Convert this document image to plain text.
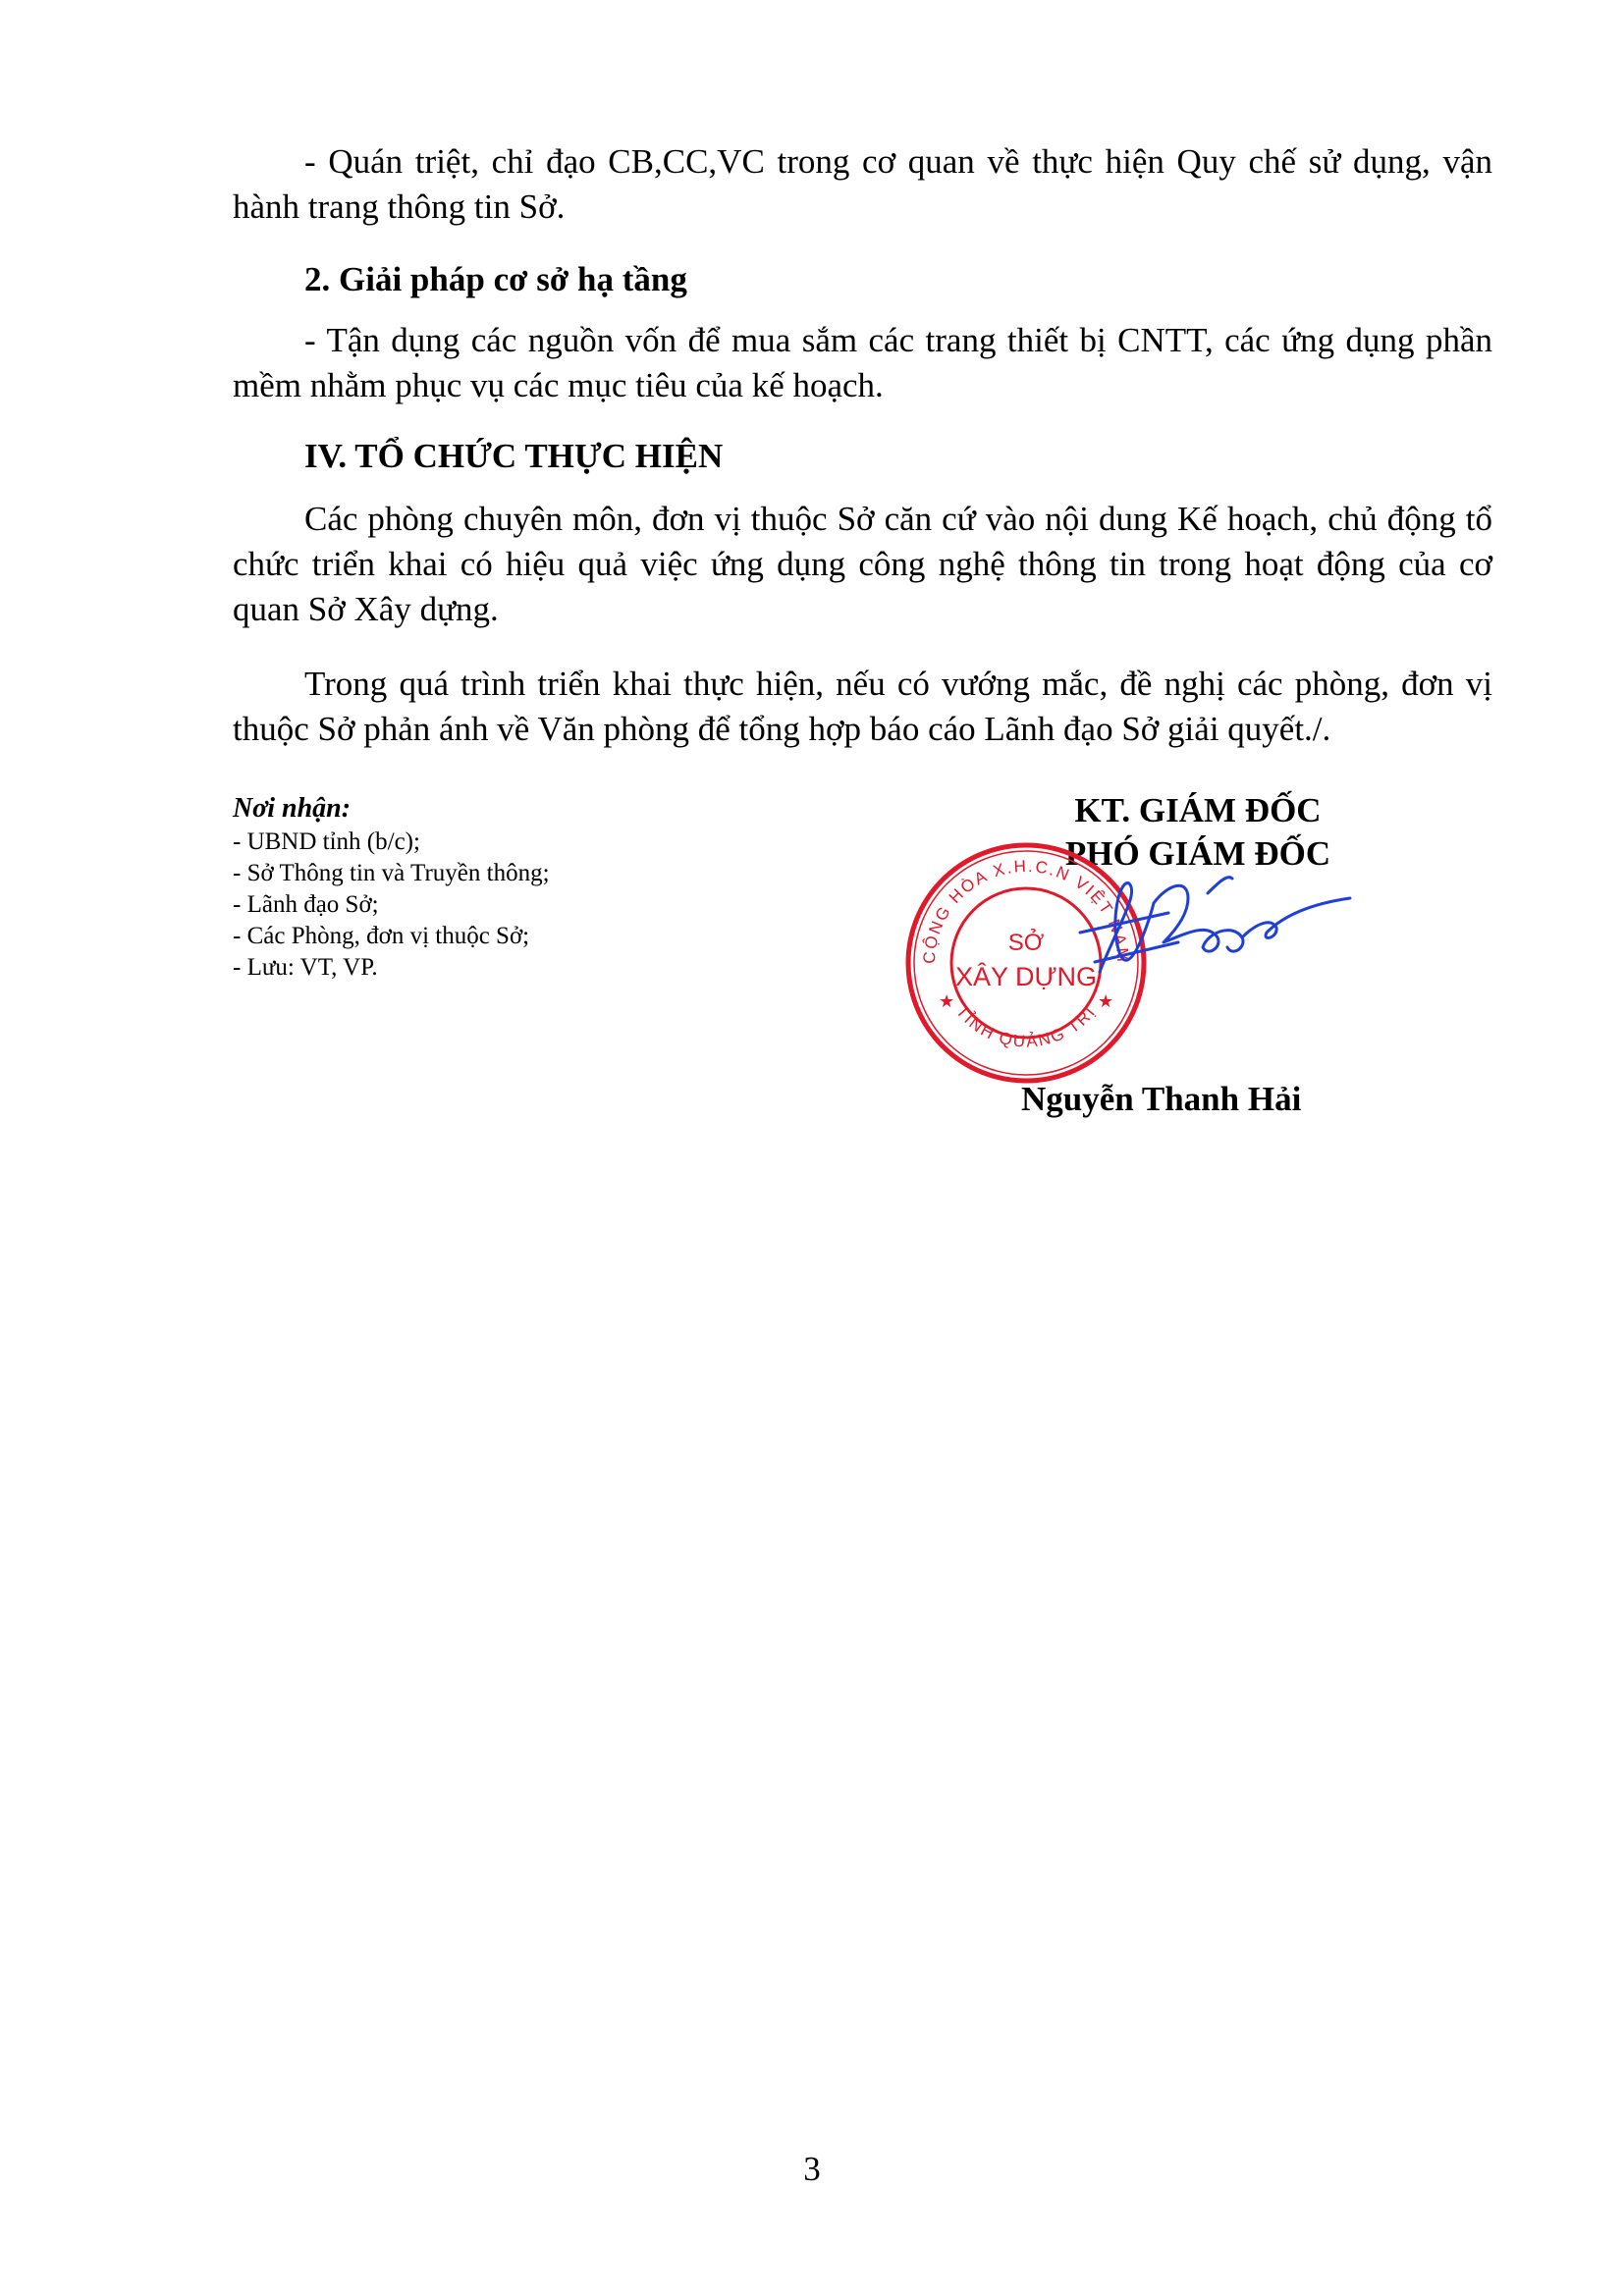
- Quán triệt, chỉ đạo CB,CC,VC trong cơ quan về thực hiện Quy chế sử dụng, vận hành trang thông tin Sở.

2. Giải pháp cơ sở hạ tầng

- Tận dụng các nguồn vốn để mua sắm các trang thiết bị CNTT, các ứng dụng phần mềm nhằm phục vụ các mục tiêu của kế hoạch.

IV. TỔ CHỨC THỰC HIỆN

Các phòng chuyên môn, đơn vị thuộc Sở căn cứ vào nội dung Kế hoạch, chủ động tổ chức triển khai có hiệu quả việc ứng dụng công nghệ thông tin trong hoạt động của cơ quan Sở Xây dựng.

Trong quá trình triển khai thực hiện, nếu có vướng mắc, đề nghị các phòng, đơn vị thuộc Sở phản ánh về Văn phòng để tổng hợp báo cáo Lãnh đạo Sở giải quyết./.

Nơi nhận:

- UBND tỉnh (b/c);
- Sở Thông tin và Truyền thông;
- Lãnh đạo Sở;
- Các Phòng, đơn vị thuộc Sở;
- Lưu: VT, VP.

KT. GIÁM ĐỐC

PHÓ GIÁM ĐỐC

CỘNG HÒA X.H.C.N VIỆT NAM
TỈNH QUẢNG TRỊ
★	★
SỞ
XÂY DỰNG

Nguyễn Thanh Hải

3
